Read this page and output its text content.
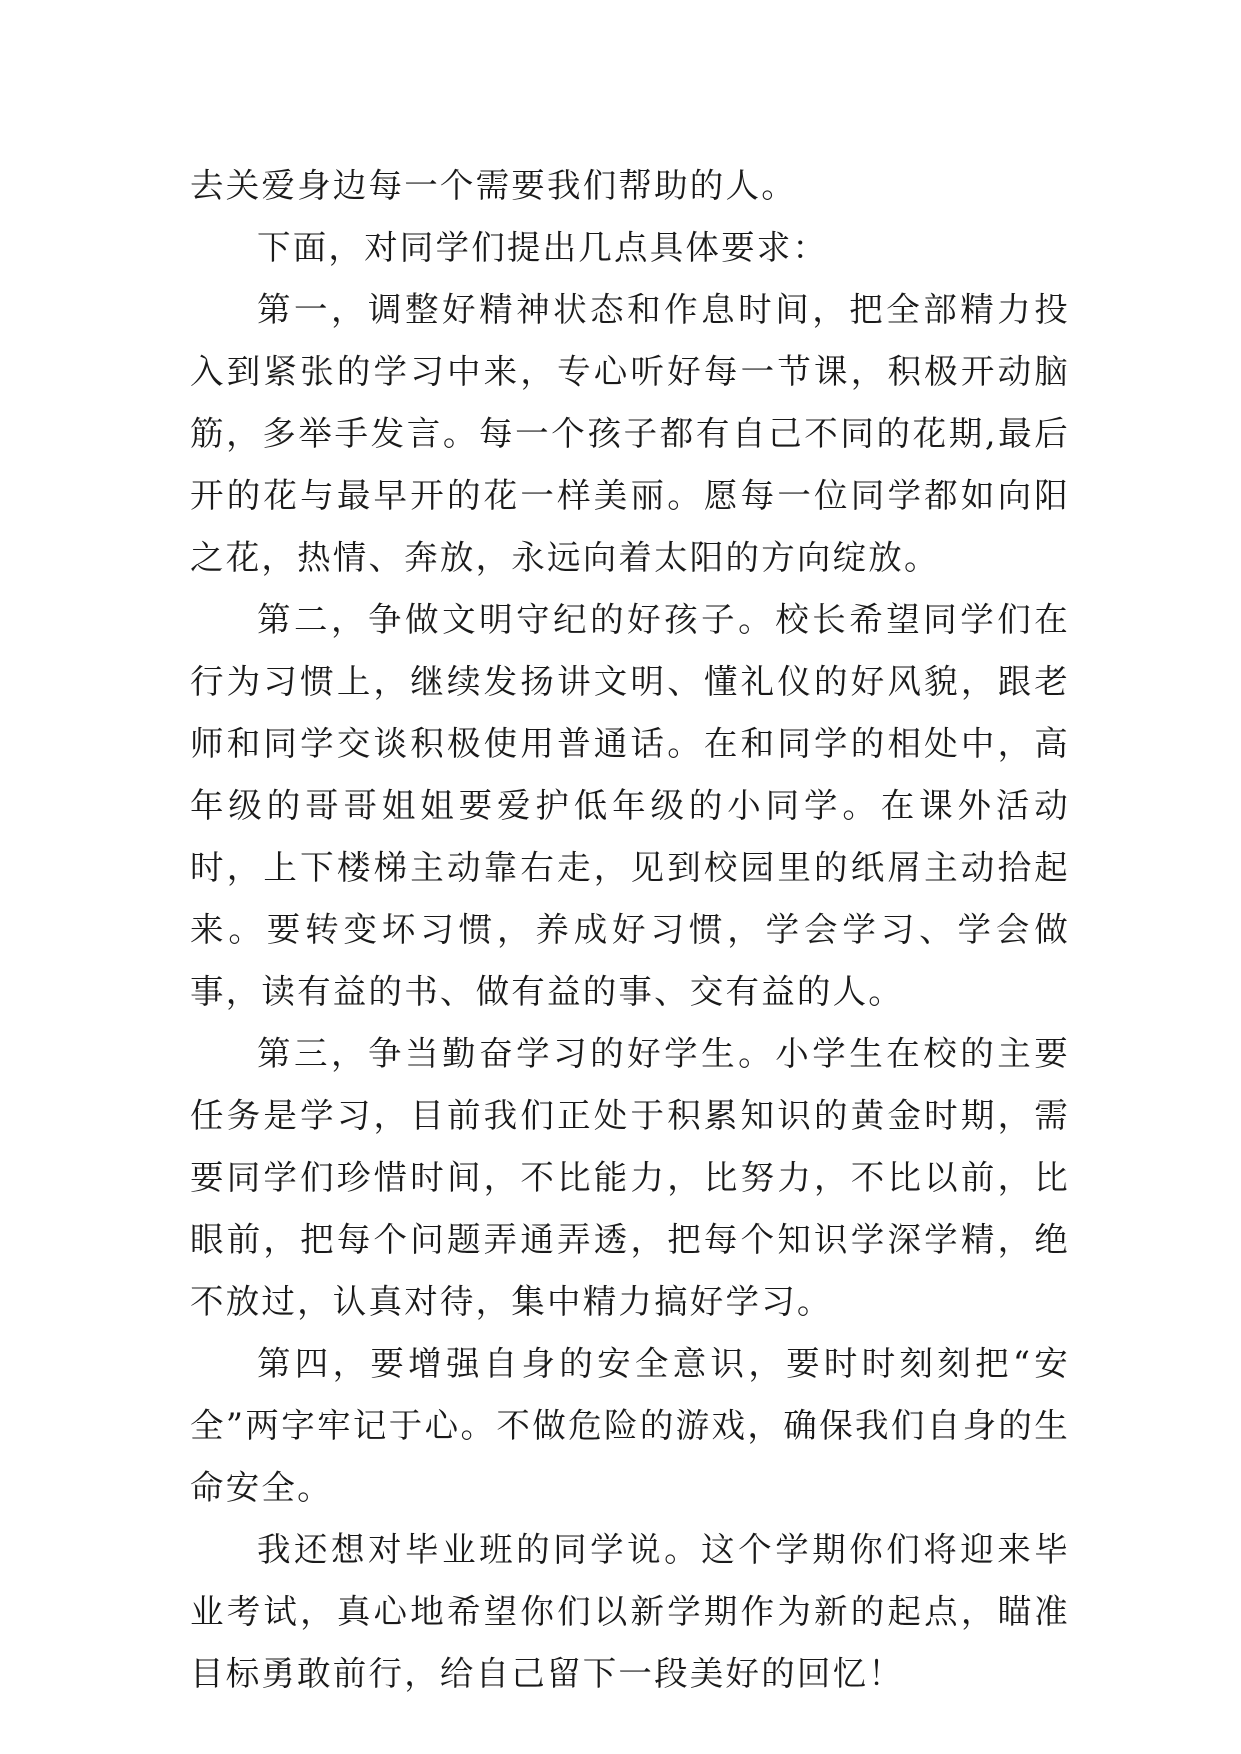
去关爱身边每一个需要我们帮助的人。

下面，对同学们提出几点具体要求：

第一，调整好精神状态和作息时间，把全部精力投入到紧张的学习中来，专心听好每一节课，积极开动脑筋，多举手发言。每一个孩子都有自己不同的花期,最后开的花与最早开的花一样美丽。愿每一位同学都如向阳之花，热情、奔放，永远向着太阳的方向绽放。

第二，争做文明守纪的好孩子。校长希望同学们在行为习惯上，继续发扬讲文明、懂礼仪的好风貌，跟老师和同学交谈积极使用普通话。在和同学的相处中，高年级的哥哥姐姐要爱护低年级的小同学。在课外活动时，上下楼梯主动靠右走，见到校园里的纸屑主动拾起来。要转变坏习惯，养成好习惯，学会学习、学会做事，读有益的书、做有益的事、交有益的人。

第三，争当勤奋学习的好学生。小学生在校的主要任务是学习，目前我们正处于积累知识的黄金时期，需要同学们珍惜时间，不比能力，比努力，不比以前，比眼前，把每个问题弄通弄透，把每个知识学深学精，绝不放过，认真对待，集中精力搞好学习。

第四，要增强自身的安全意识，要时时刻刻把“安全”两字牢记于心。不做危险的游戏，确保我们自身的生命安全。

我还想对毕业班的同学说。这个学期你们将迎来毕业考试，真心地希望你们以新学期作为新的起点，瞄准目标勇敢前行，给自己留下一段美好的回忆！
